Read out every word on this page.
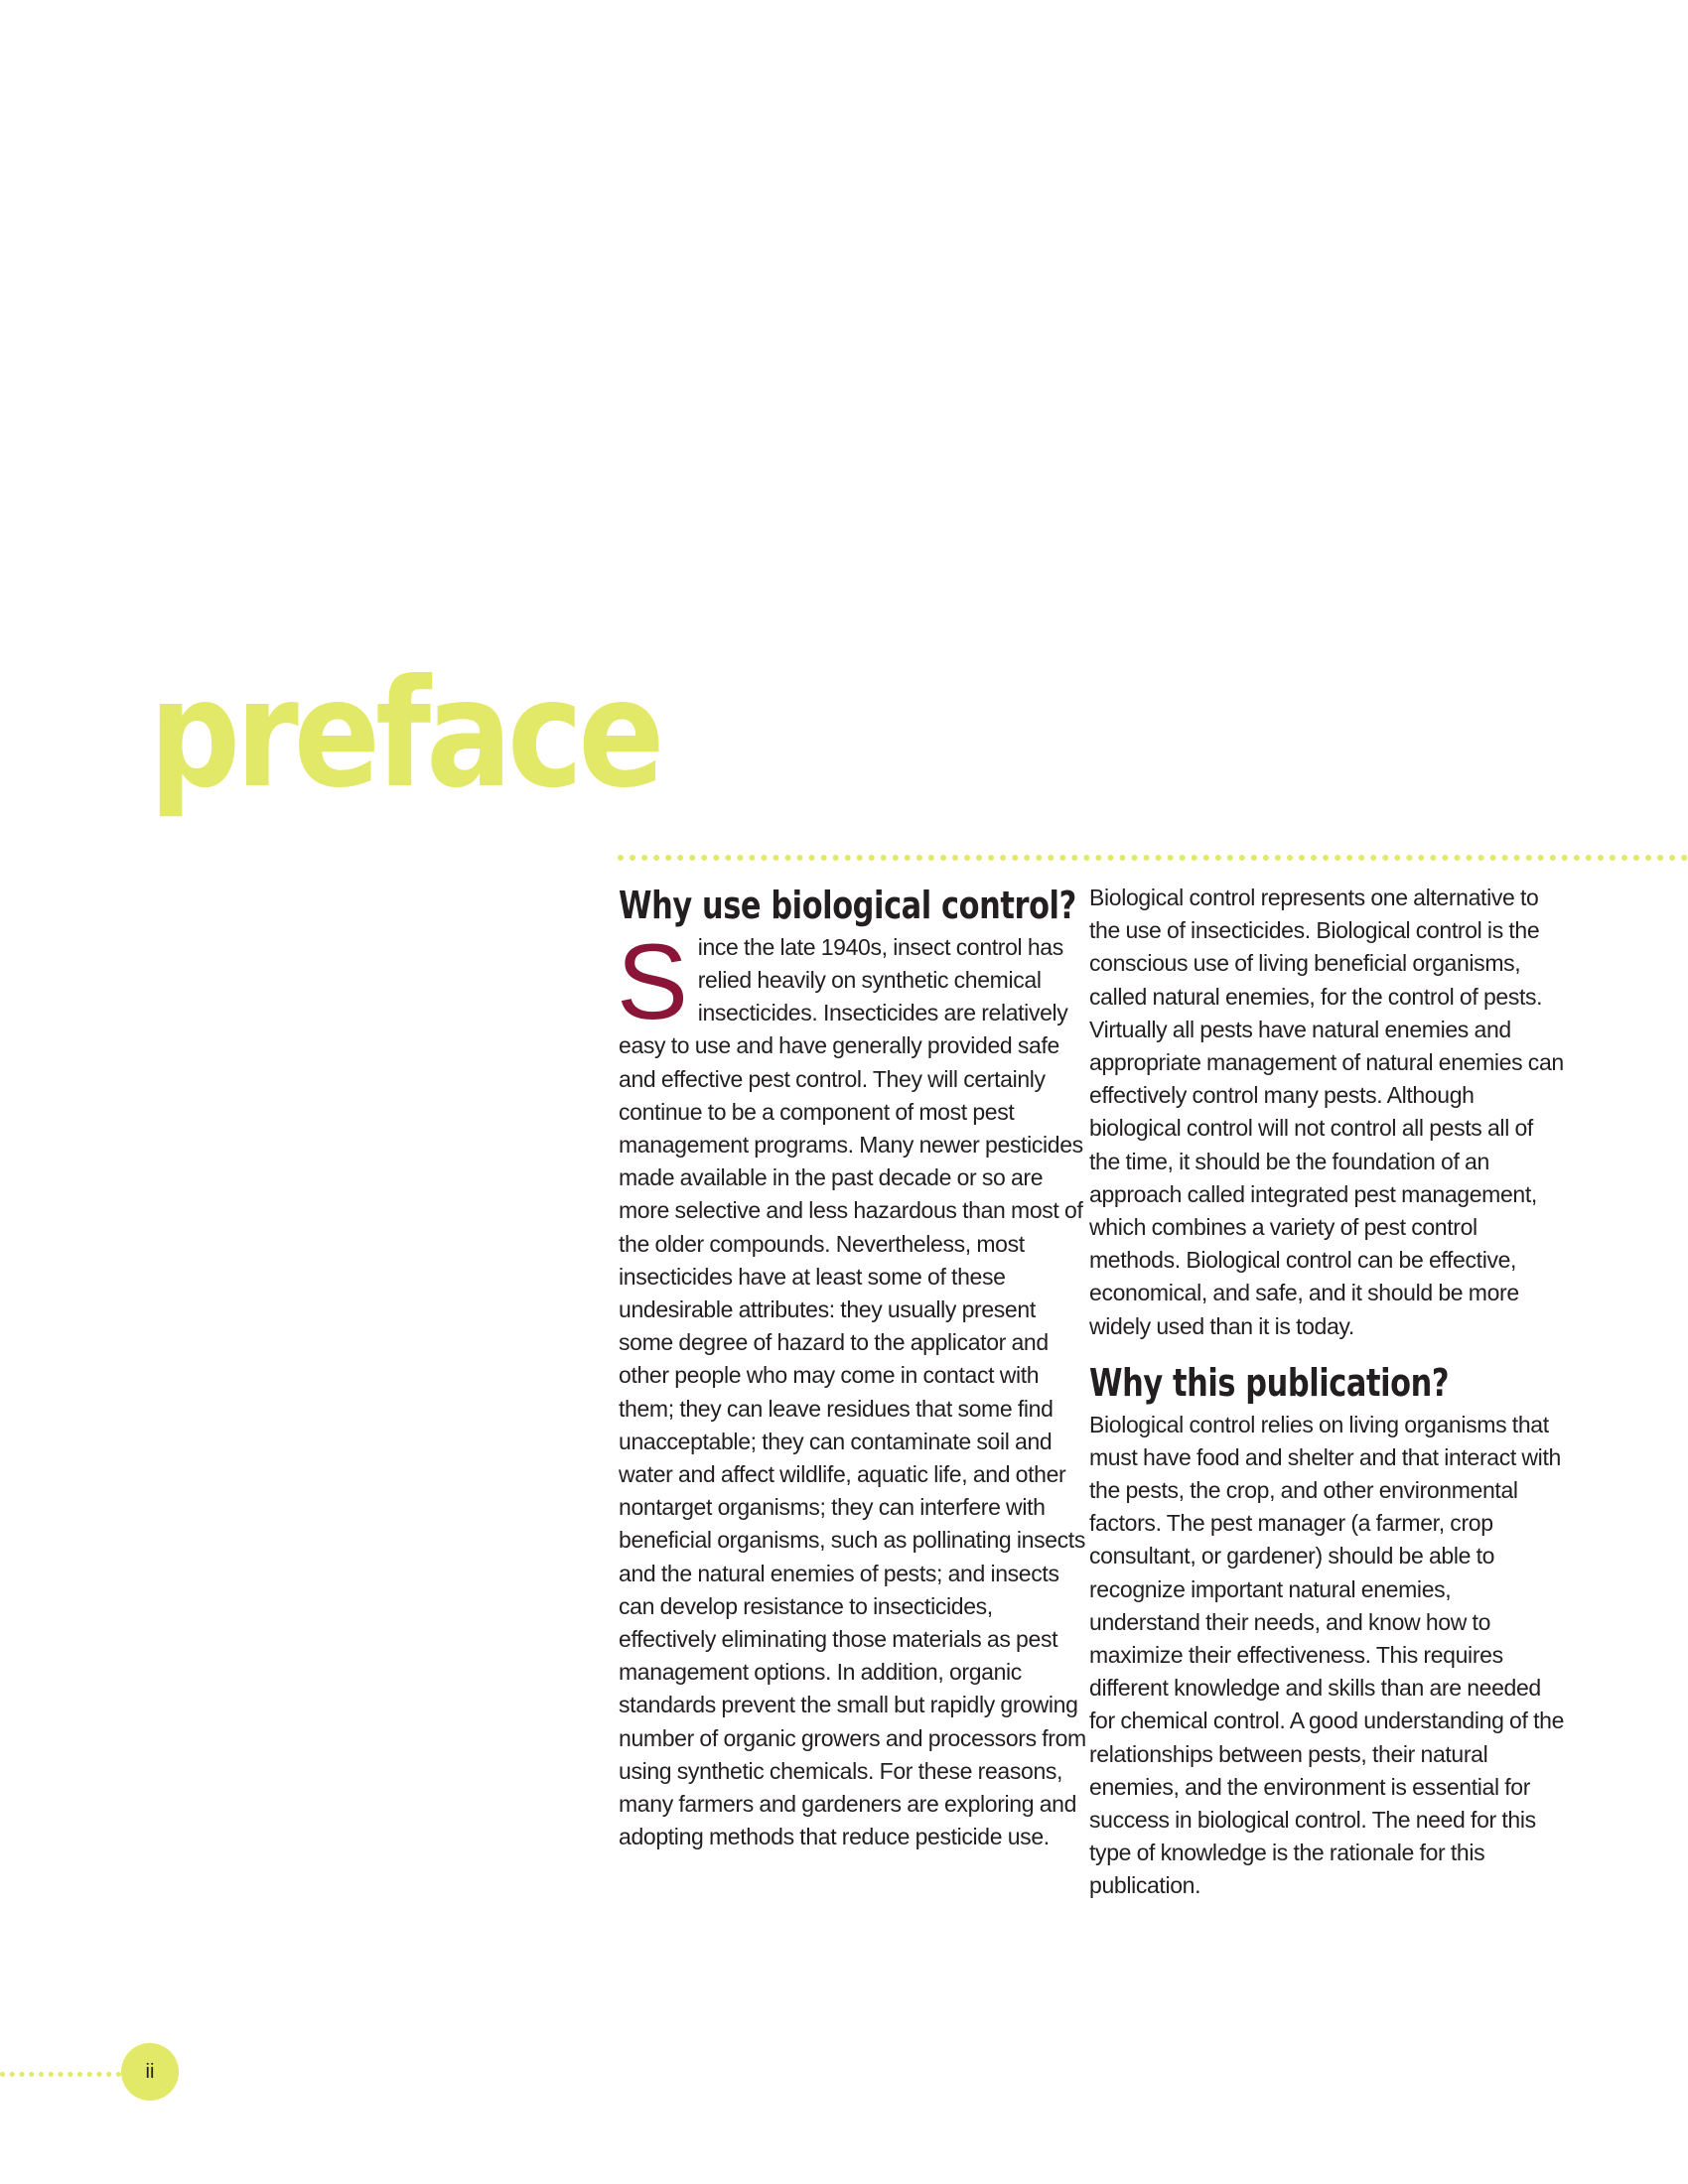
preface
Why use biological control?

Since the late 1940s, insect control has relied heavily on synthetic chemical insecticides. Insecticides are relatively easy to use and have generally provided safe and effective pest control. They will certainly continue to be a component of most pest management programs. Many newer pesticides made available in the past decade or so are more selective and less hazardous than most of the older compounds. Nevertheless, most insecticides have at least some of these undesirable attributes: they usually present some degree of hazard to the applicator and other people who may come in contact with them; they can leave residues that some find unacceptable; they can contaminate soil and water and affect wildlife, aquatic life, and other nontarget organisms; they can interfere with beneficial organisms, such as pollinating insects and the natural enemies of pests; and insects can develop resistance to insecticides, effectively eliminating those materials as pest management options. In addition, organic standards prevent the small but rapidly growing number of organic growers and processors from using synthetic chemicals. For these reasons, many farmers and gardeners are exploring and adopting methods that reduce pesticide use.

Biological control represents one alternative to the use of insecticides. Biological control is the conscious use of living beneficial organisms, called natural enemies, for the control of pests. Virtually all pests have natural enemies and appropriate management of natural enemies can effectively control many pests. Although biological control will not control all pests all of the time, it should be the foundation of an approach called integrated pest management, which combines a variety of pest control methods. Biological control can be effective, economical, and safe, and it should be more widely used than it is today.

Why this publication?

Biological control relies on living organisms that must have food and shelter and that interact with the pests, the crop, and other environmental factors. The pest manager (a farmer, crop consultant, or gardener) should be able to recognize important natural enemies, understand their needs, and know how to maximize their effectiveness. This requires different knowledge and skills than are needed for chemical control. A good understanding of the relationships between pests, their natural enemies, and the environment is essential for success in biological control. The need for this type of knowledge is the rationale for this publication.

ii
